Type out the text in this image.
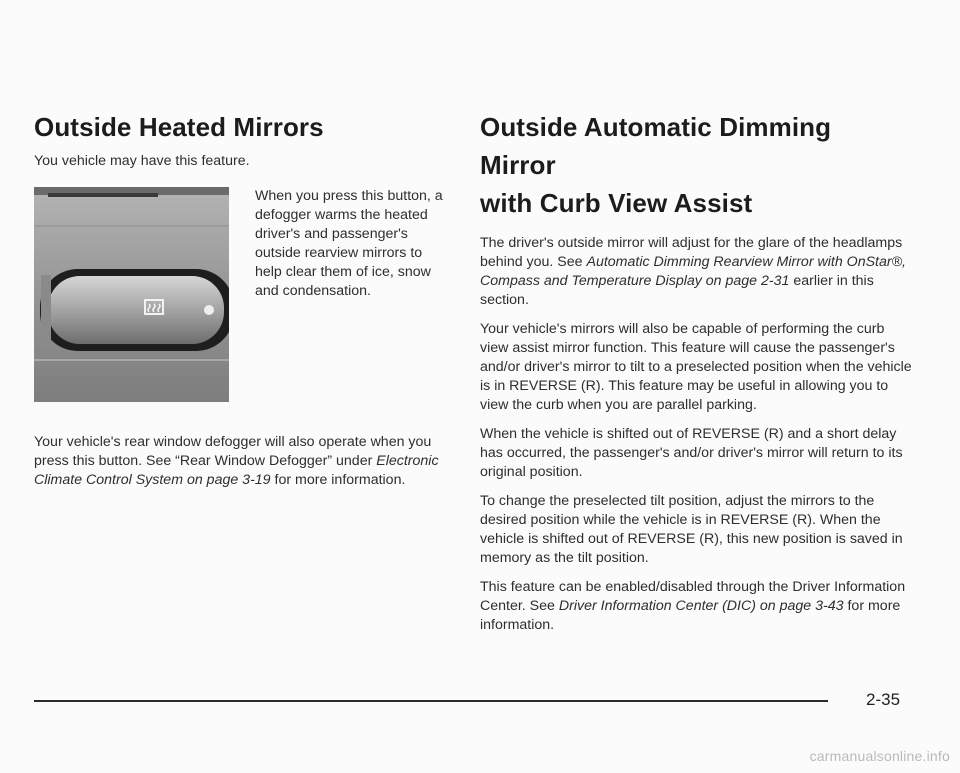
Outside Heated Mirrors

You vehicle may have this feature.

When you press this button, a defogger warms the heated driver's and passenger's outside rearview mirrors to help clear them of ice, snow and condensation.

Your vehicle's rear window defogger will also operate when you press this button. See “Rear Window Defogger” under Electronic Climate Control System on page 3-19 for more information.

Outside Automatic Dimming Mirror
with Curb View Assist

The driver's outside mirror will adjust for the glare of the headlamps behind you. See Automatic Dimming Rearview Mirror with OnStar®, Compass and Temperature Display on page 2-31 earlier in this section.

Your vehicle's mirrors will also be capable of performing the curb view assist mirror function. This feature will cause the passenger's and/or driver's mirror to tilt to a preselected position when the vehicle is in REVERSE (R). This feature may be useful in allowing you to view the curb when you are parallel parking.

When the vehicle is shifted out of REVERSE (R) and a short delay has occurred, the passenger's and/or driver's mirror will return to its original position.

To change the preselected tilt position, adjust the mirrors to the desired position while the vehicle is in REVERSE (R). When the vehicle is shifted out of REVERSE (R), this new position is saved in memory as the tilt position.

This feature can be enabled/disabled through the Driver Information Center. See Driver Information Center (DIC) on page 3-43 for more information.

2-35
carmanualsonline.info
